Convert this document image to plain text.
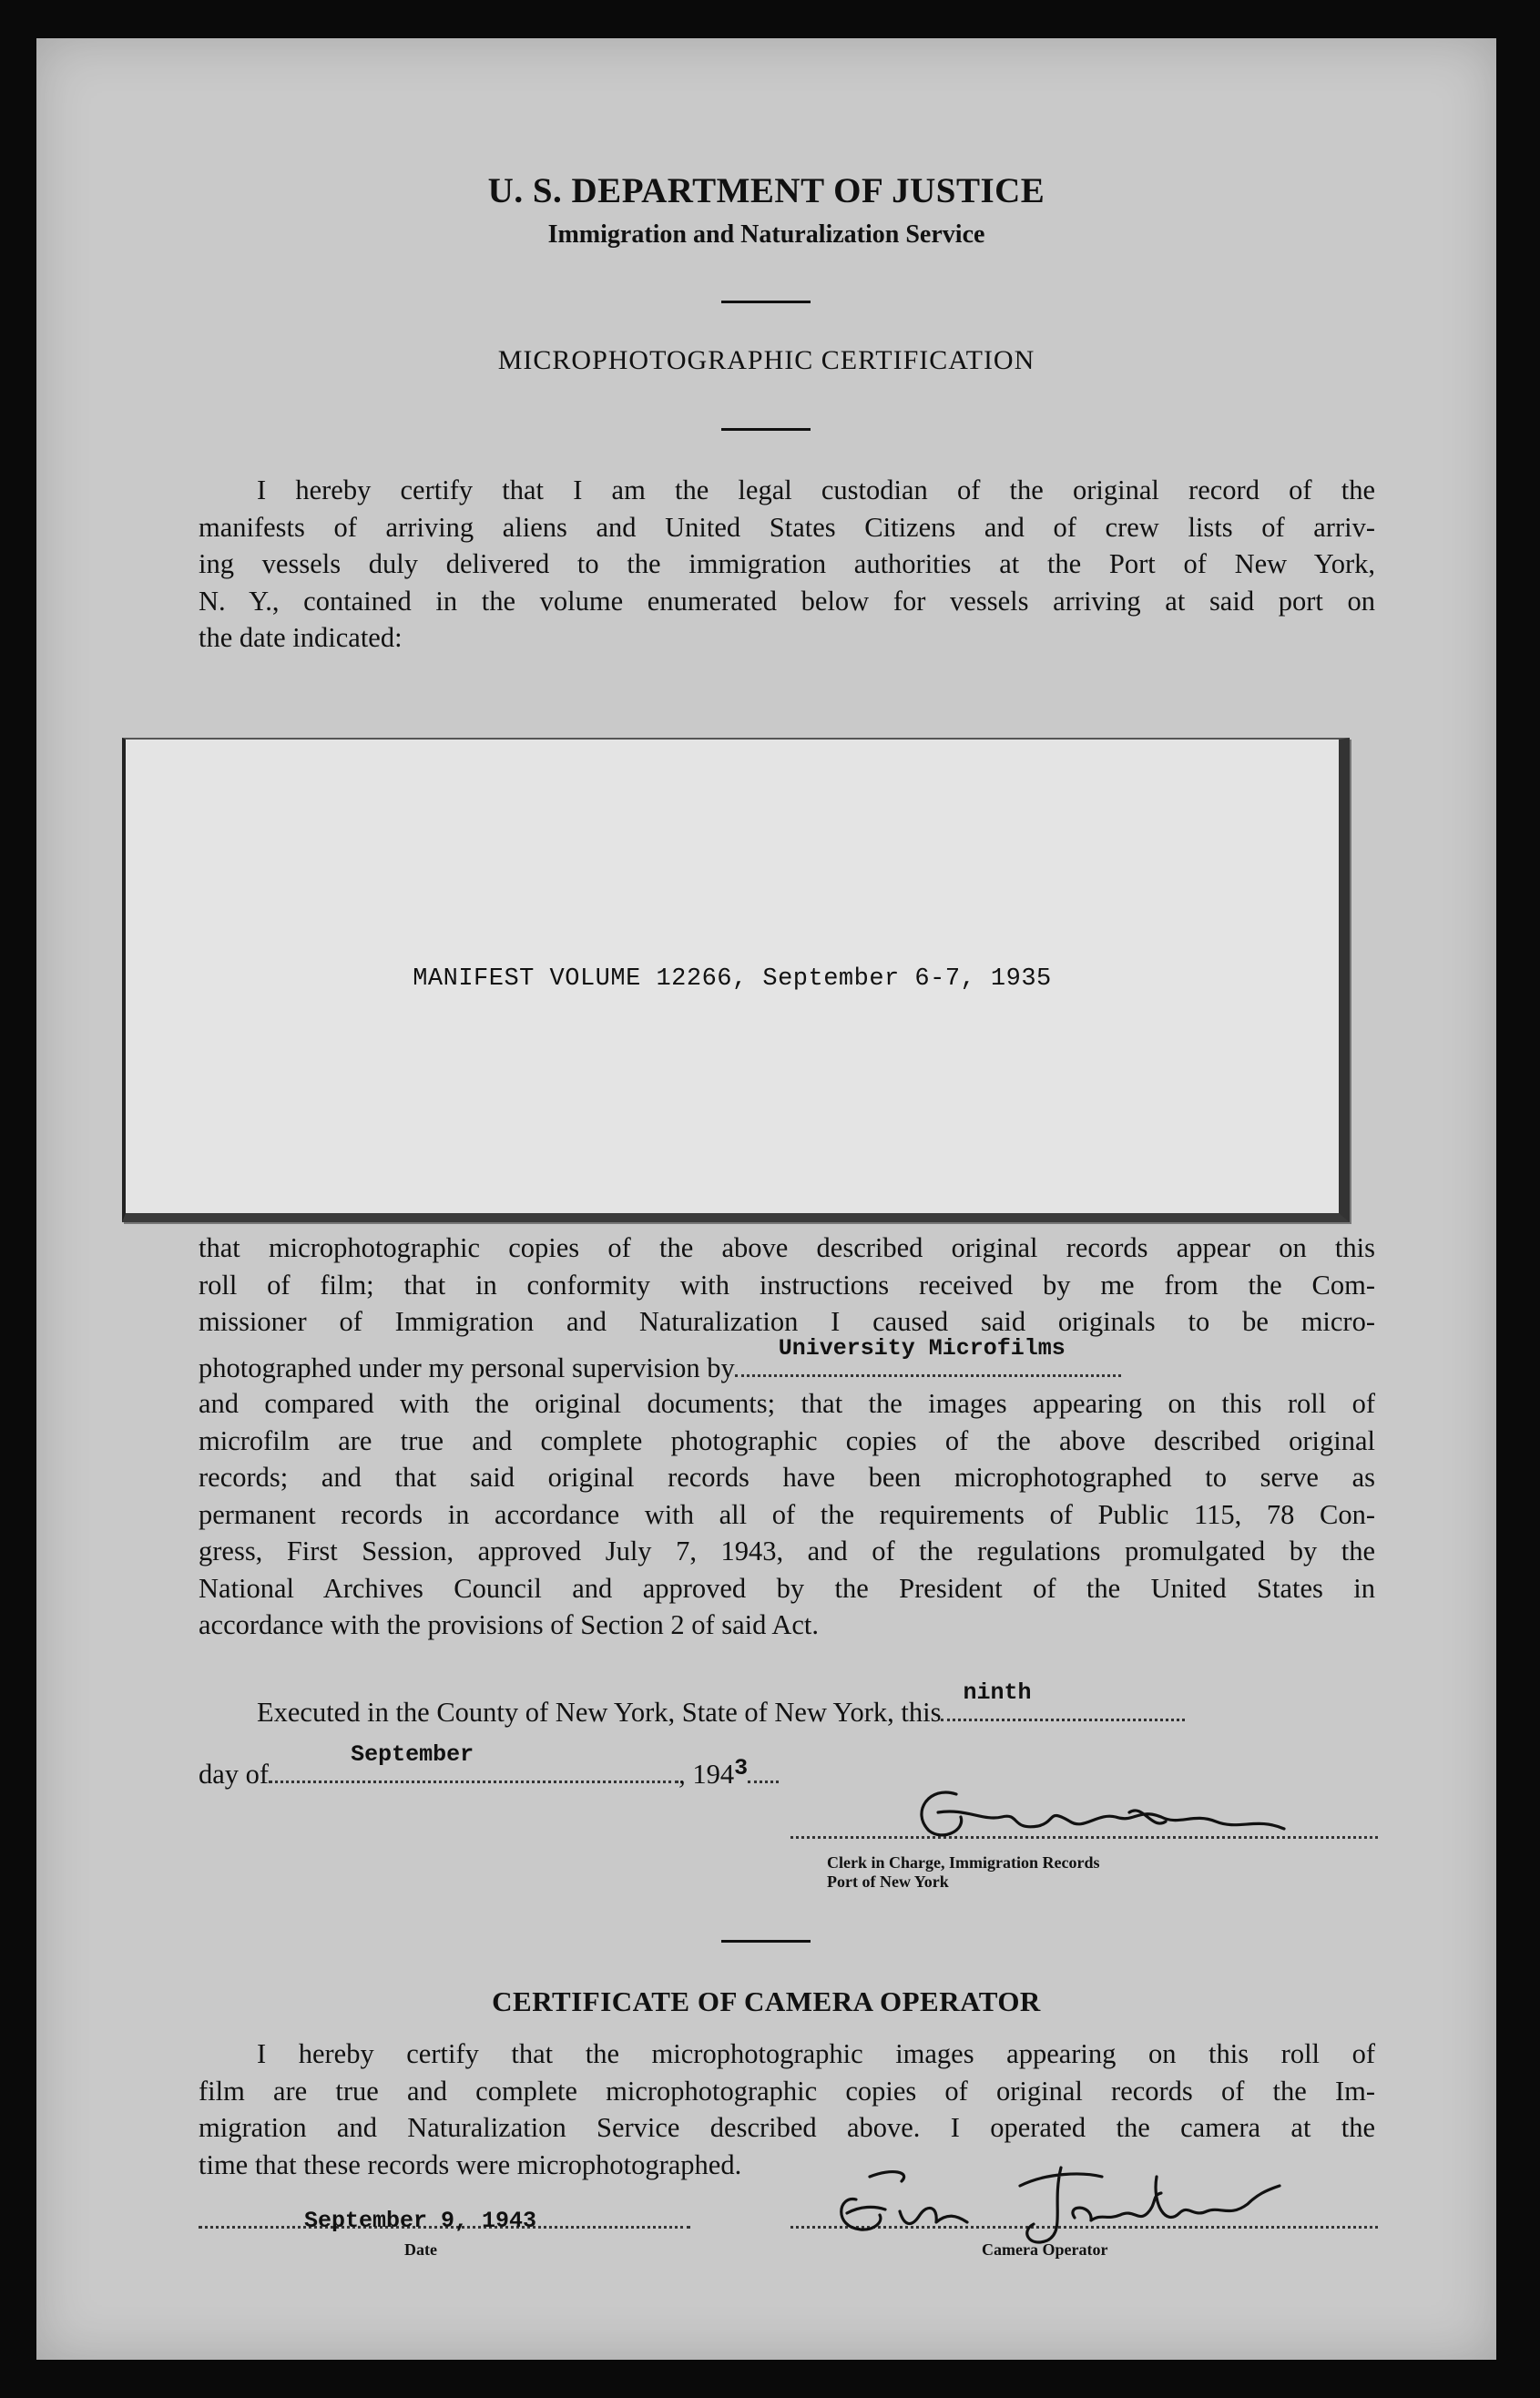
U. S. DEPARTMENT OF JUSTICE
Immigration and Naturalization Service
MICROPHOTOGRAPHIC CERTIFICATION
I hereby certify that I am the legal custodian of the original record of the
manifests of arriving aliens and United States Citizens and of crew lists of arriv-
ing vessels duly delivered to the immigration authorities at the Port of New York,
N. Y., contained in the volume enumerated below for vessels arriving at said port on
the date indicated:
MANIFEST VOLUME 12266, September 6-7, 1935
that microphotographic copies of the above described original records appear on this
roll of film; that in conformity with instructions received by me from the Com-
missioner of Immigration and Naturalization I caused said originals to be micro-
photographed under my personal supervision by
University Microfilms
and compared with the original documents; that the images appearing on this roll of
microfilm are true and complete photographic copies of the above described original
records; and that said original records have been microphotographed to serve as
permanent records in accordance with all of the requirements of Public 115, 78 Con-
gress, First Session, approved July 7, 1943, and of the regulations promulgated by the
National Archives Council and approved by the President of the United States in
accordance with the provisions of Section 2 of said Act.
Executed in the County of New York, State of New York, this
ninth
day of
September
, $194^3$
Clerk in Charge, Immigration Records
Port of New York
CERTIFICATE OF CAMERA OPERATOR
I hereby certify that the microphotographic images appearing on this roll of
film are true and complete microphotographic copies of original records of the Im-
migration and Naturalization Service described above. I operated the camera at the
time that these records were microphotographed.
September 9, 1943
Date	Camera Operator
